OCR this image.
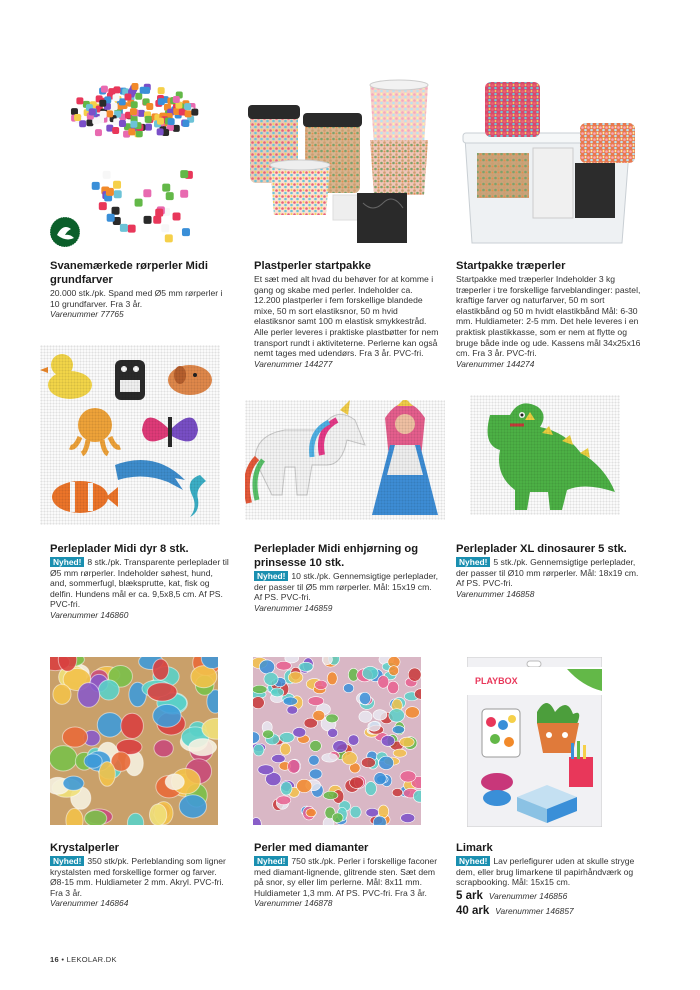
Svanemærkede rørperler Midi grundfarver
20.000 stk./pk. Spand med Ø5 mm rørperler i 10 grundfarver. Fra 3 år.
Varenummer 77765
Plastperler startpakke
Et sæt med alt hvad du behøver for at komme i gang og skabe med perler. Indeholder ca. 12.200 plastperler i fem forskellige blandede mixe, 50 m sort elastiksnor, 50 m hvid elastiksnor samt 100 m elastisk smykkestråd. Alle perler leveres i praktiske plastbøtter for nem transport rundt i aktiviteterne. Perlerne kan også nemt tages med udendørs. Fra 3 år. PVC-fri.
Varenummer 144277
Startpakke træperler
Startpakke med træperler Indeholder 3 kg træperler i tre forskellige farveblandinger: pastel, kraftige farver og naturfarver, 50 m sort elastikbånd og 50 m hvidt elastikbånd Mål: 6-30 mm. Huldiameter: 2-5 mm. Det hele leveres i en praktisk plastikkasse, som er nem at flytte og bruge både inde og ude. Kassens mål 34x25x16 cm. Fra 3 år. PVC-fri.
Varenummer 144274
Perleplader Midi dyr 8 stk.
Nyhed! 8 stk./pk. Transparente perleplader til Ø5 mm rørperler. Indeholder søhest, hund, and, sommerfugl, blæksprutte, kat, fisk og delfin. Hundens mål er ca. 9,5x8,5 cm. Af PS. PVC-fri.
Varenummer 146860
Perleplader Midi enhjørning og prinsesse 10 stk.
Nyhed! 10 stk./pk. Gennemsigtige perleplader, der passer til Ø5 mm rørperler. Mål: 15x19 cm. Af PS. PVC-fri.
Varenummer 146859
Perleplader XL dinosaurer 5 stk.
Nyhed! 5 stk./pk. Gennemsigtige perleplader, der passer til Ø10 mm rørperler. Mål: 18x19 cm. Af PS. PVC-fri.
Varenummer 146858
PLAYBOX
Krystalperler
Nyhed! 350 stk/pk. Perleblanding som ligner krystalsten med forskellige former og farver. Ø8-15 mm. Huldiameter 2 mm. Akryl. PVC-fri. Fra 3 år.
Varenummer 146864
Perler med diamanter
Nyhed! 750 stk./pk. Perler i forskellige faconer med diamant-lignende, glitrende sten. Sæt dem på snor, sy eller lim perlerne. Mål: 8x11 mm. Huldiameter 1,3 mm. Af PS. PVC-fri. Fra 3 år.
Varenummer 146878
Limark
Nyhed! Lav perlefigurer uden at skulle stryge dem, eller brug limarkene til papirhåndværk og scrapbooking. Mål: 15x15 cm.
5 ark Varenummer 146856
40 ark Varenummer 146857
16 • LEKOLAR.DK
